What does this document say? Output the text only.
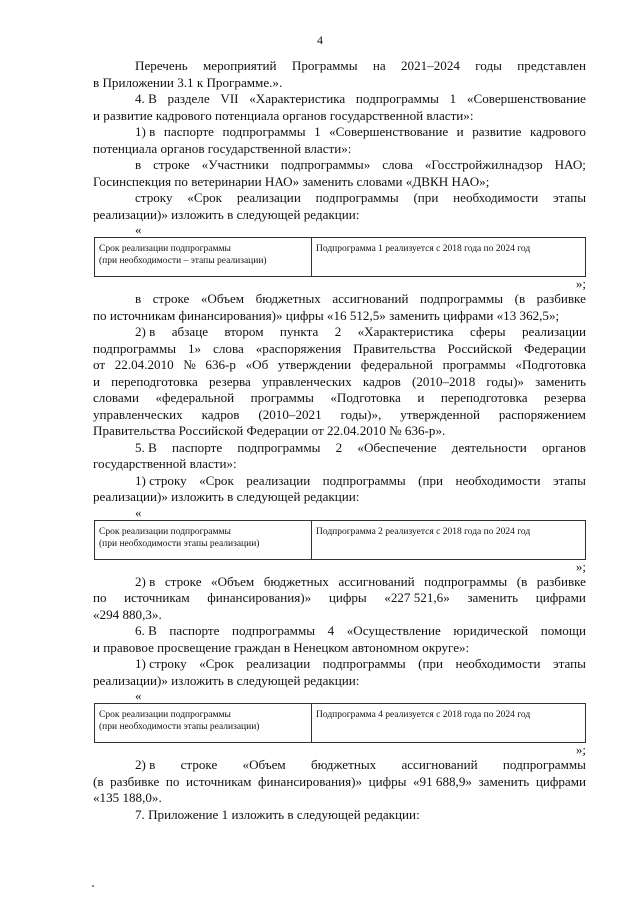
4
Перечень мероприятий Программы на 2021–2024 годы представлен
в Приложении 3.1 к Программе.».
4. В разделе VII «Характеристика подпрограммы 1 «Совершенствование
и развитие кадрового потенциала органов государственной власти»:
1) в паспорте подпрограммы 1 «Совершенствование и развитие кадрового
потенциала органов государственной власти»:
в строке «Участники подпрограммы» слова «Госстройжилнадзор НАО;
Госинспекция по ветеринарии НАО» заменить словами «ДВКН НАО»;
строку «Срок реализации подпрограммы (при необходимости этапы
реализации)» изложить в следующей редакции:
«
Срок реализации подпрограммы
(при необходимости – этапы реализации)
Подпрограмма 1 реализуется с 2018 года по 2024 год
»;
в строке «Объем бюджетных ассигнований подпрограммы (в разбивке
по источникам финансирования)» цифры «16 512,5» заменить цифрами «13 362,5»;
2) в абзаце втором пункта 2 «Характеристика сферы реализации
подпрограммы 1» слова «распоряжения Правительства Российской Федерации
от 22.04.2010 № 636-р «Об утверждении федеральной программы «Подготовка
и переподготовка резерва управленческих кадров (2010–2018 годы)» заменить
словами «федеральной программы «Подготовка и переподготовка резерва
управленческих кадров (2010–2021 годы)», утвержденной распоряжением
Правительства Российской Федерации от 22.04.2010 № 636-р».
5. В паспорте подпрограммы 2 «Обеспечение деятельности органов
государственной власти»:
1) строку «Срок реализации подпрограммы (при необходимости этапы
реализации)» изложить в следующей редакции:
«
Срок реализации подпрограммы
(при необходимости этапы реализации)
Подпрограмма 2 реализуется с 2018 года по 2024 год
»;
2) в строке «Объем бюджетных ассигнований подпрограммы (в разбивке
по источникам финансирования)» цифры «227 521,6» заменить цифрами
«294 880,3».
6. В паспорте подпрограммы 4 «Осуществление юридической помощи
и правовое просвещение граждан в Ненецком автономном округе»:
1) строку «Срок реализации подпрограммы (при необходимости этапы
реализации)» изложить в следующей редакции:
«
Срок реализации подпрограммы
(при необходимости этапы реализации)
Подпрограмма 4 реализуется с 2018 года по 2024 год
»;
2) в строке «Объем бюджетных ассигнований подпрограммы
(в разбивке по источникам финансирования)» цифры «91 688,9» заменить цифрами
«135 188,0».
7. Приложение 1 изложить в следующей редакции:
